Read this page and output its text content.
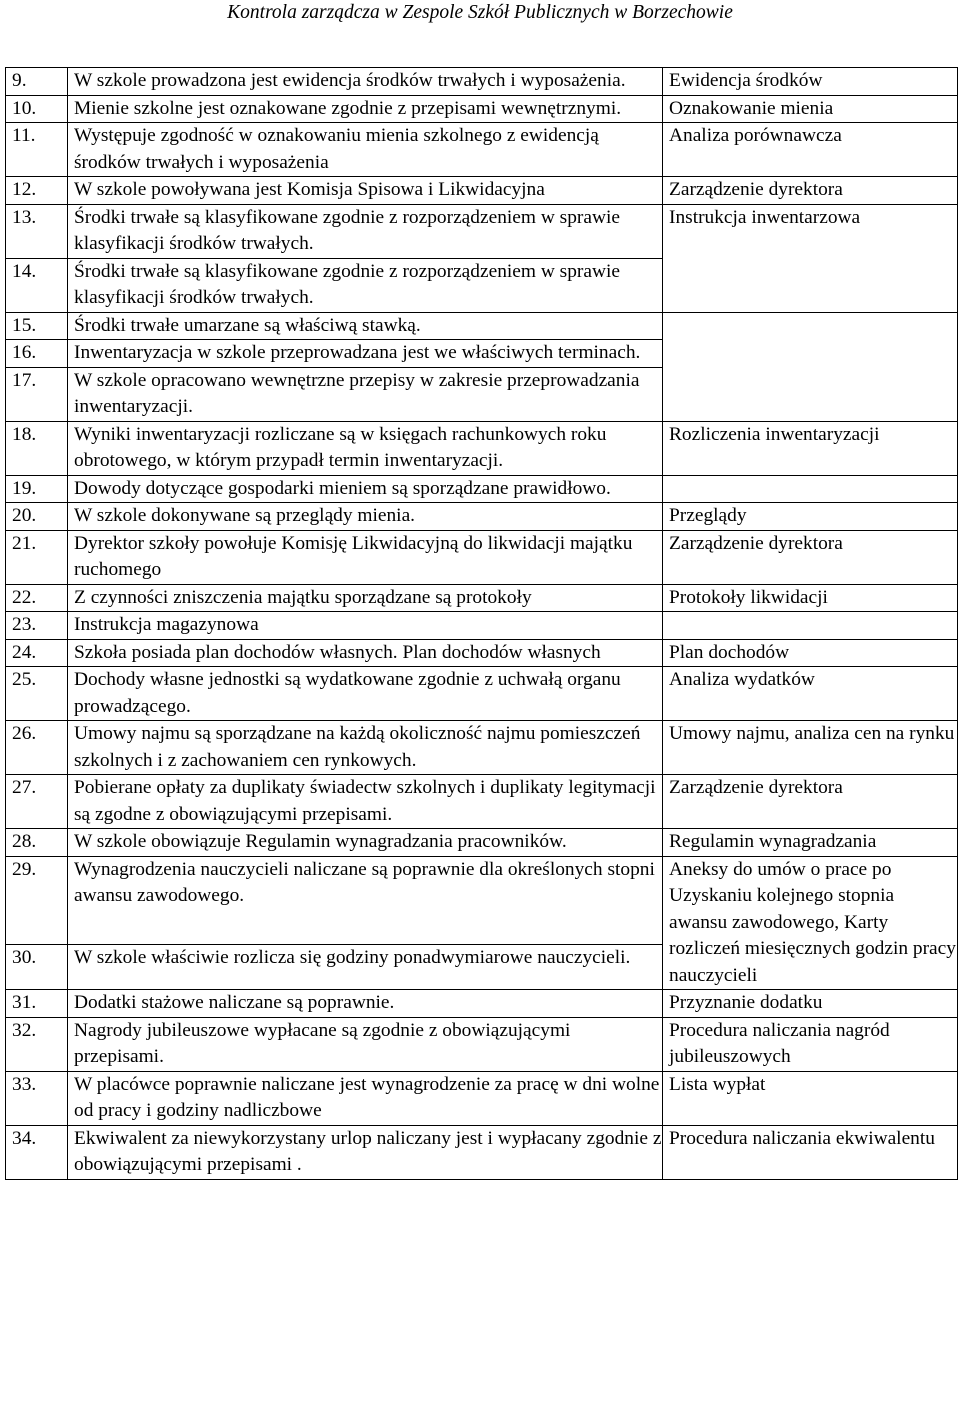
Kontrola zarządcza w Zespole Szkół Publicznych w Borzechowie
9.	W szkole prowadzona jest ewidencja środków trwałych i wyposażenia.	Ewidencja środków
10.	Mienie szkolne jest oznakowane zgodnie z przepisami wewnętrznymi.	Oznakowanie mienia
11.	Występuje zgodność w oznakowaniu mienia szkolnego z ewidencją środków trwałych i wyposażenia	Analiza porównawcza
12.	W szkole powoływana jest Komisja Spisowa i Likwidacyjna	Zarządzenie dyrektora
13.	Środki trwałe są klasyfikowane zgodnie z rozporządzeniem w sprawie klasyfikacji środków trwałych.	Instrukcja inwentarzowa
14.	Środki trwałe są klasyfikowane zgodnie z rozporządzeniem w sprawie klasyfikacji środków trwałych.	
15.	Środki trwałe umarzane są właściwą stawką.	
16.	Inwentaryzacja w szkole przeprowadzana jest we właściwych terminach.	
17.	W szkole opracowano wewnętrzne przepisy w zakresie przeprowadzania inwentaryzacji.	
18.	Wyniki inwentaryzacji rozliczane są w księgach rachunkowych roku obrotowego, w którym przypadł termin inwentaryzacji.	Rozliczenia inwentaryzacji
19.	Dowody dotyczące gospodarki mieniem są sporządzane prawidłowo.	
20.	W szkole dokonywane są przeglądy mienia.	Przeglądy
21.	Dyrektor szkoły powołuje Komisję Likwidacyjną do likwidacji majątku ruchomego	Zarządzenie dyrektora
22.	Z czynności zniszczenia majątku sporządzane są protokoły	Protokoły likwidacji
23.	Instrukcja magazynowa	
24.	Szkoła posiada plan dochodów własnych. Plan dochodów własnych	Plan dochodów
25.	Dochody własne jednostki są wydatkowane zgodnie z uchwałą organu prowadzącego.	Analiza wydatków
26.	Umowy najmu są sporządzane na każdą okoliczność najmu pomieszczeń szkolnych i z zachowaniem cen rynkowych.	Umowy najmu, analiza cen na rynku
27.	Pobierane opłaty za duplikaty świadectw szkolnych i duplikaty legitymacji są zgodne z obowiązującymi przepisami.	Zarządzenie dyrektora
28.	W szkole obowiązuje Regulamin wynagradzania pracowników.	Regulamin wynagradzania
29.	Wynagrodzenia nauczycieli naliczane są poprawnie dla określonych stopni awansu zawodowego.	Aneksy do umów o prace po Uzyskaniu kolejnego stopnia awansu zawodowego, Karty rozliczeń miesięcznych godzin pracy nauczycieli
30.	W szkole właściwie rozlicza się godziny ponadwymiarowe nauczycieli.	
31.	Dodatki stażowe naliczane są poprawnie.	Przyznanie dodatku
32.	Nagrody jubileuszowe wypłacane są zgodnie z obowiązującymi przepisami.	Procedura naliczania nagród jubileuszowych
33.	W placówce poprawnie naliczane jest wynagrodzenie za pracę w dni wolne od pracy i godziny nadliczbowe	Lista wypłat
34.	Ekwiwalent za niewykorzystany urlop naliczany jest i wypłacany zgodnie z obowiązującymi przepisami .	Procedura naliczania ekwiwalentu
